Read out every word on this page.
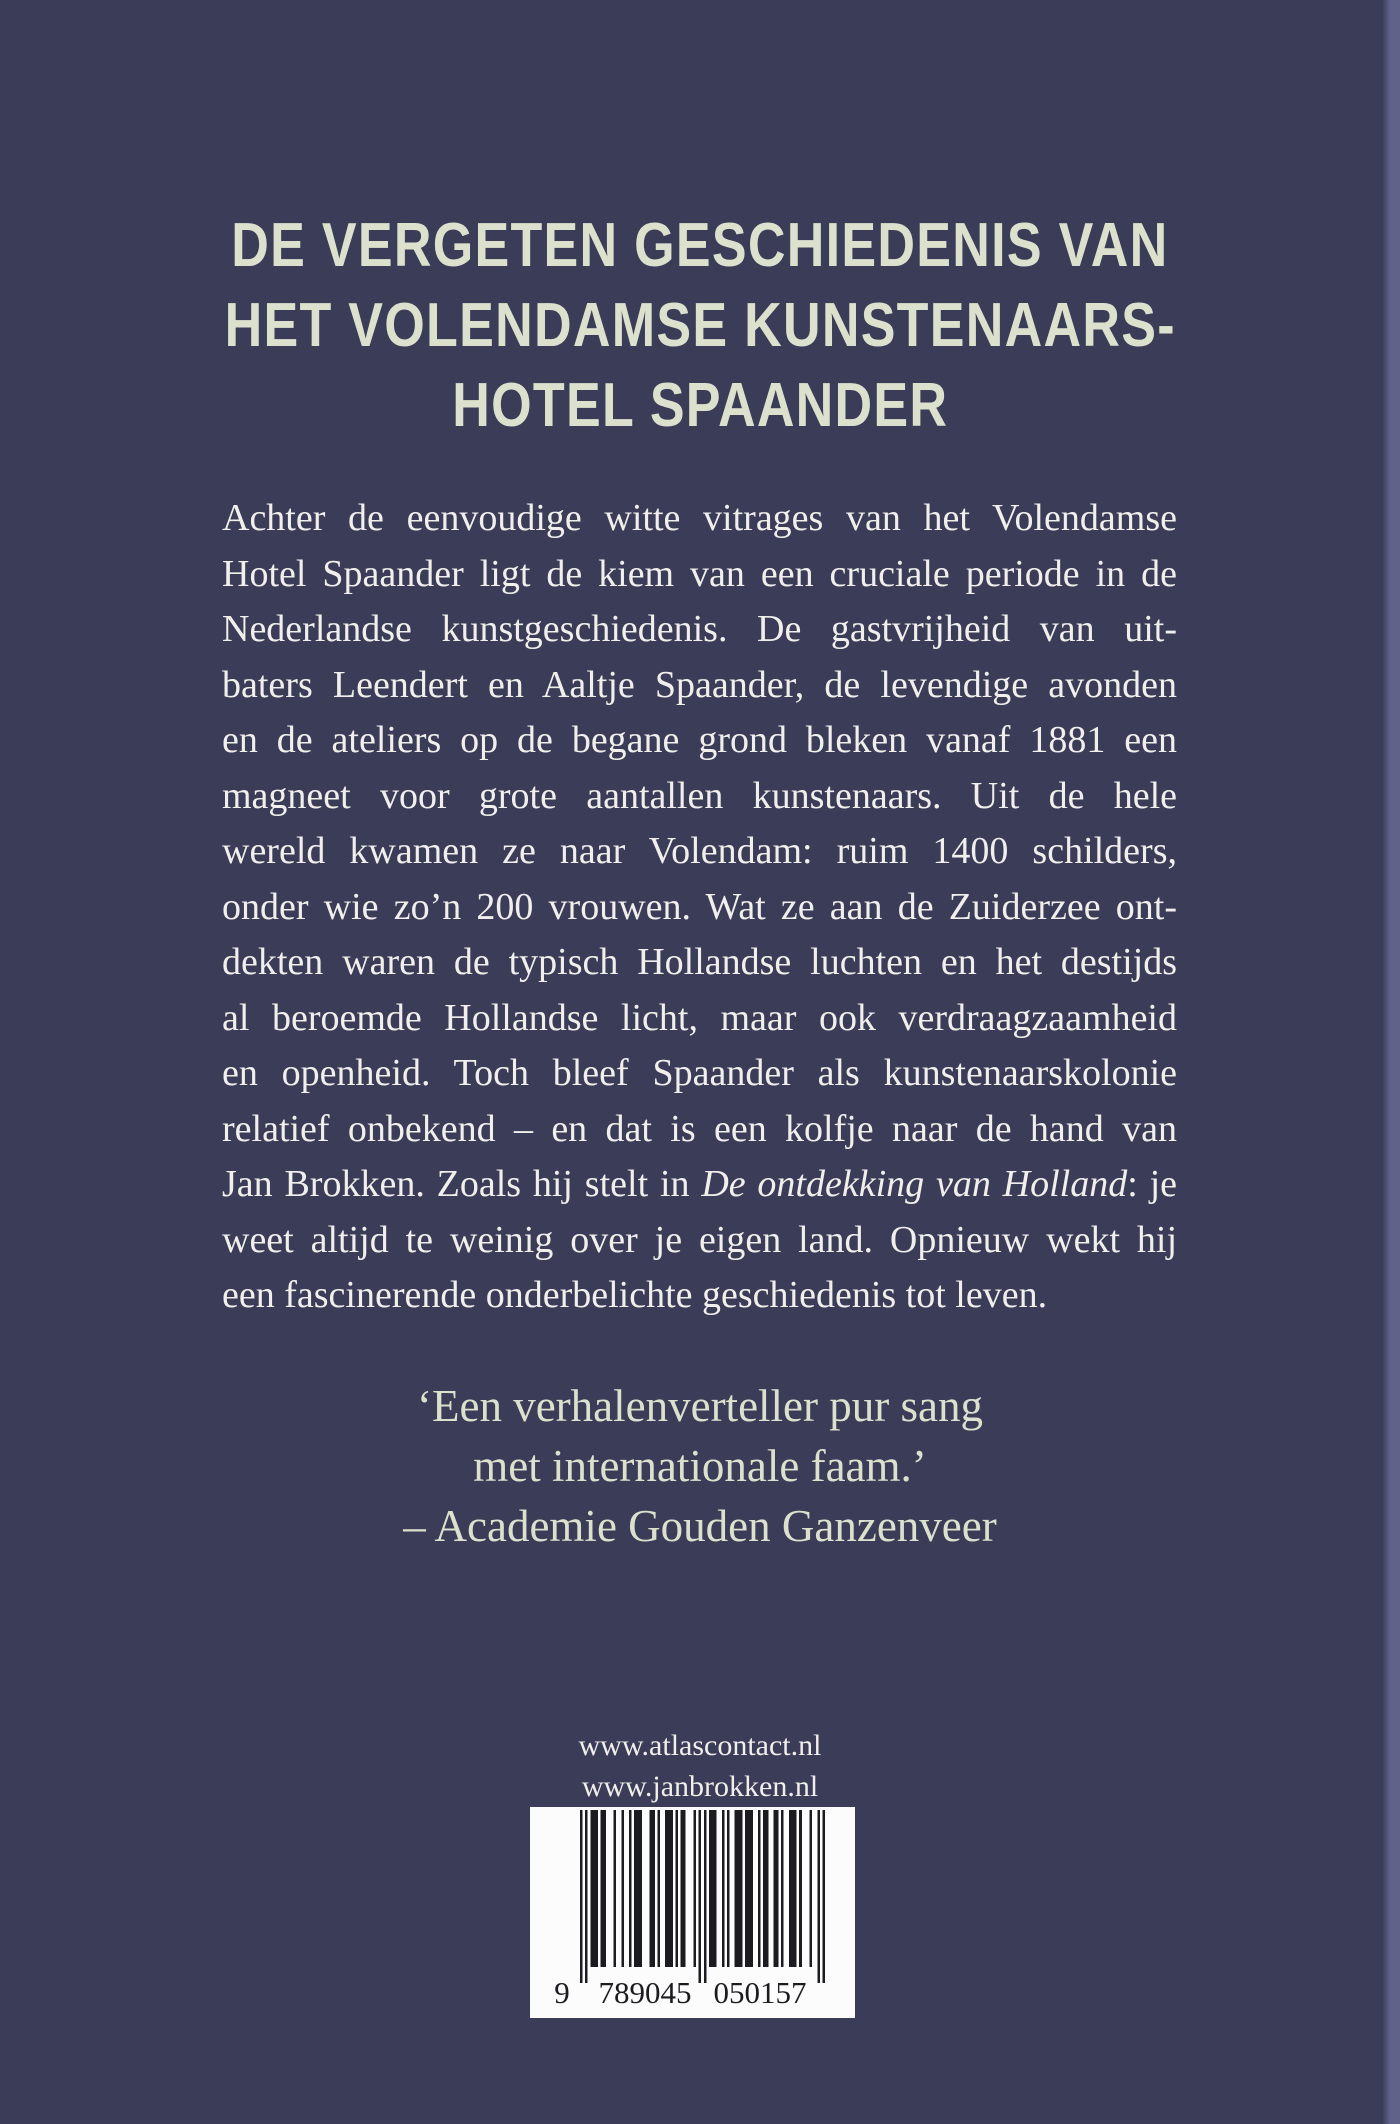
DE VERGETEN GESCHIEDENIS VAN
HET VOLENDAMSE KUNSTENAARS-
HOTEL SPAANDER
Achter de eenvoudige witte vitrages van het Volendamse
Hotel Spaander ligt de kiem van een cruciale periode in de
Nederlandse kunstgeschiedenis. De gastvrijheid van uit-
baters Leendert en Aaltje Spaander, de levendige avonden
en de ateliers op de begane grond bleken vanaf 1881 een
magneet voor grote aantallen kunstenaars. Uit de hele
wereld kwamen ze naar Volendam: ruim 1400 schilders,
onder wie zo’n 200 vrouwen. Wat ze aan de Zuiderzee ont-
dekten waren de typisch Hollandse luchten en het destijds
al beroemde Hollandse licht, maar ook verdraagzaamheid
en openheid. Toch bleef Spaander als kunstenaarskolonie
relatief onbekend – en dat is een kolfje naar de hand van
Jan Brokken. Zoals hij stelt in De ontdekking van Holland: je
weet altijd te weinig over je eigen land. Opnieuw wekt hij
een fascinerende onderbelichte geschiedenis tot leven.
‘Een verhalenverteller pur sang
met internationale faam.’
– Academie Gouden Ganzenveer
www.atlascontact.nl
www.janbrokken.nl
9 789045 050157
